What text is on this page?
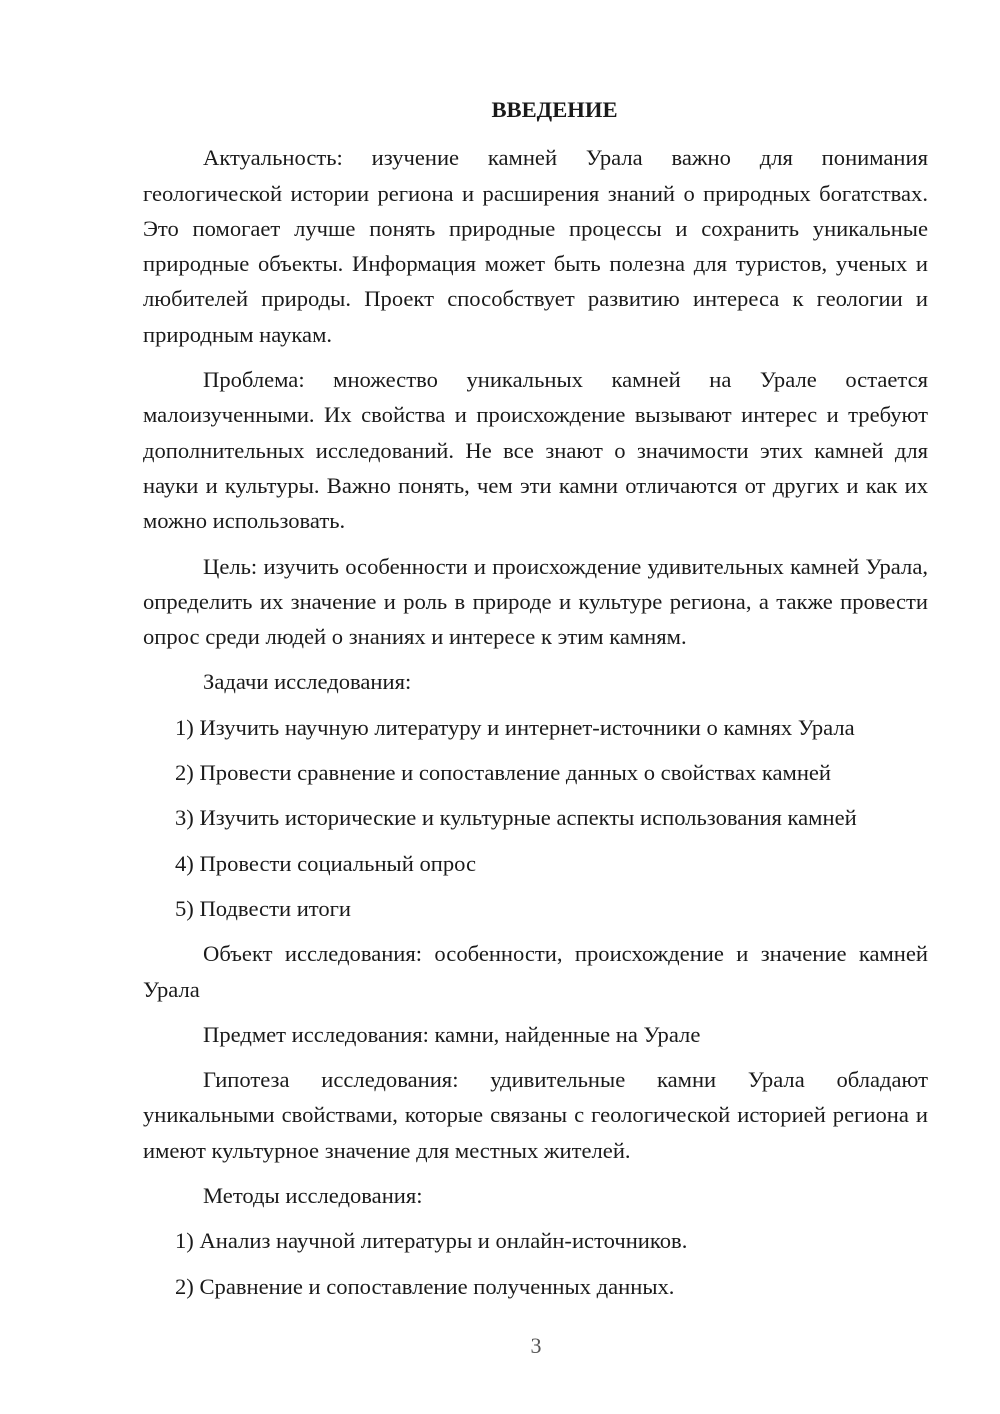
ВВЕДЕНИЕ

Актуальность: изучение камней Урала важно для понимания геологической истории региона и расширения знаний о природных богатствах. Это помогает лучше понять природные процессы и сохранить уникальные природные объекты. Информация может быть полезна для туристов, ученых и любителей природы. Проект способствует развитию интереса к геологии и природным наукам.

Проблема: множество уникальных камней на Урале остается малоизученными. Их свойства и происхождение вызывают интерес и требуют дополнительных исследований. Не все знают о значимости этих камней для науки и культуры. Важно понять, чем эти камни отличаются от других и как их можно использовать.

Цель: изучить особенности и происхождение удивительных камней Урала, определить их значение и роль в природе и культуре региона, а также провести опрос среди людей о знаниях и интересе к этим камням.

Задачи исследования:

1) Изучить научную литературу и интернет-источники о камнях Урала
2) Провести сравнение и сопоставление данных о свойствах камней
3) Изучить исторические и культурные аспекты использования камней
4) Провести социальный опрос
5) Подвести итоги

Объект исследования: особенности, происхождение и значение камней Урала

Предмет исследования: камни, найденные на Урале

Гипотеза исследования: удивительные камни Урала обладают уникальными свойствами, которые связаны с геологической историей региона и имеют культурное значение для местных жителей.

Методы исследования:

1) Анализ научной литературы и онлайн-источников.
2) Сравнение и сопоставление полученных данных.
3
